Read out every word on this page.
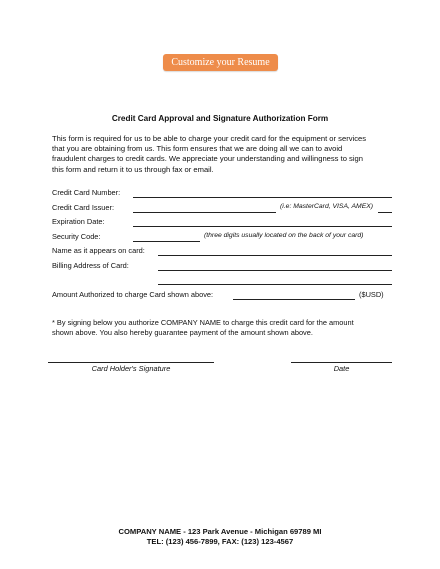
Customize your Resume
Credit Card Approval and Signature Authorization Form
This form is required for us to be able to charge your credit card for the equipment or services
that you are obtaining from us. This form ensures that we are doing all we can to avoid
fraudulent charges to credit cards. We appreciate your understanding and willingness to sign
this form and return it to us through fax or email.
Credit Card Number:
Credit Card Issuer:	(i.e: MasterCard, VISA, AMEX)
Expiration Date:
Security Code:	(three digits usually located on the back of your card)
Name as it appears on card:
Billing Address of Card:
Amount Authorized to charge Card shown above:	($USD)
* By signing below you authorize COMPANY NAME to charge this credit card for the amount
shown above. You also hereby guarantee payment of the amount shown above.
Card Holder's Signature	Date
COMPANY NAME - 123 Park Avenue - Michigan 69789 MI
TEL: (123) 456-7899, FAX: (123) 123-4567
